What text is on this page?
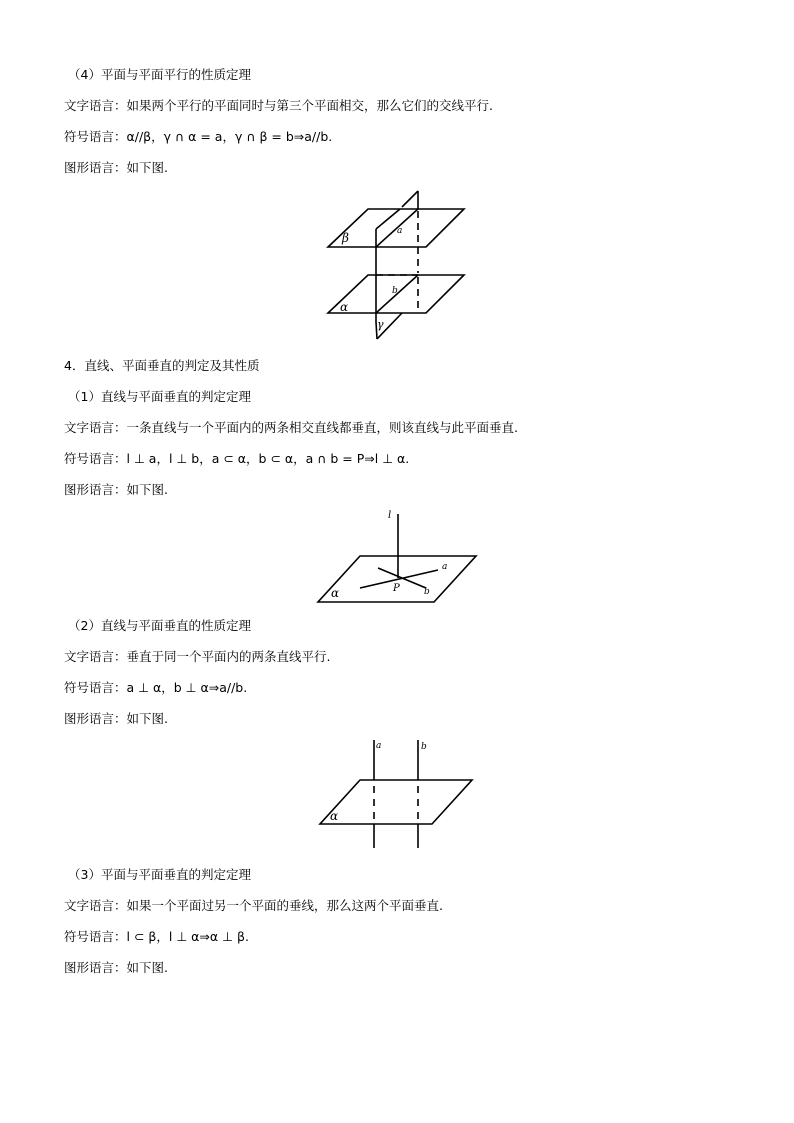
（4）平面与平面平行的性质定理
文字语言：如果两个平行的平面同时与第三个平面相交，那么它们的交线平行.
符号语言：α//β，γ ∩ α = a，γ ∩ β = b⇒a//b.
图形语言：如下图.
β	a
b
α
γ
4．直线、平面垂直的判定及其性质
（1）直线与平面垂直的判定定理
文字语言：一条直线与一个平面内的两条相交直线都垂直，则该直线与此平面垂直.
符号语言：l ⊥ a，l ⊥ b，a ⊂ α，b ⊂ α，a ∩ b = P⇒l ⊥ α.
图形语言：如下图.
l
a
b
P
α
（2）直线与平面垂直的性质定理
文字语言：垂直于同一个平面内的两条直线平行.
符号语言：a ⊥ α，b ⊥ α⇒a//b.
图形语言：如下图.
a	b
α
（3）平面与平面垂直的判定定理
文字语言：如果一个平面过另一个平面的垂线，那么这两个平面垂直.
符号语言：l ⊂ β，l ⊥ α⇒α ⊥ β.
图形语言：如下图.
